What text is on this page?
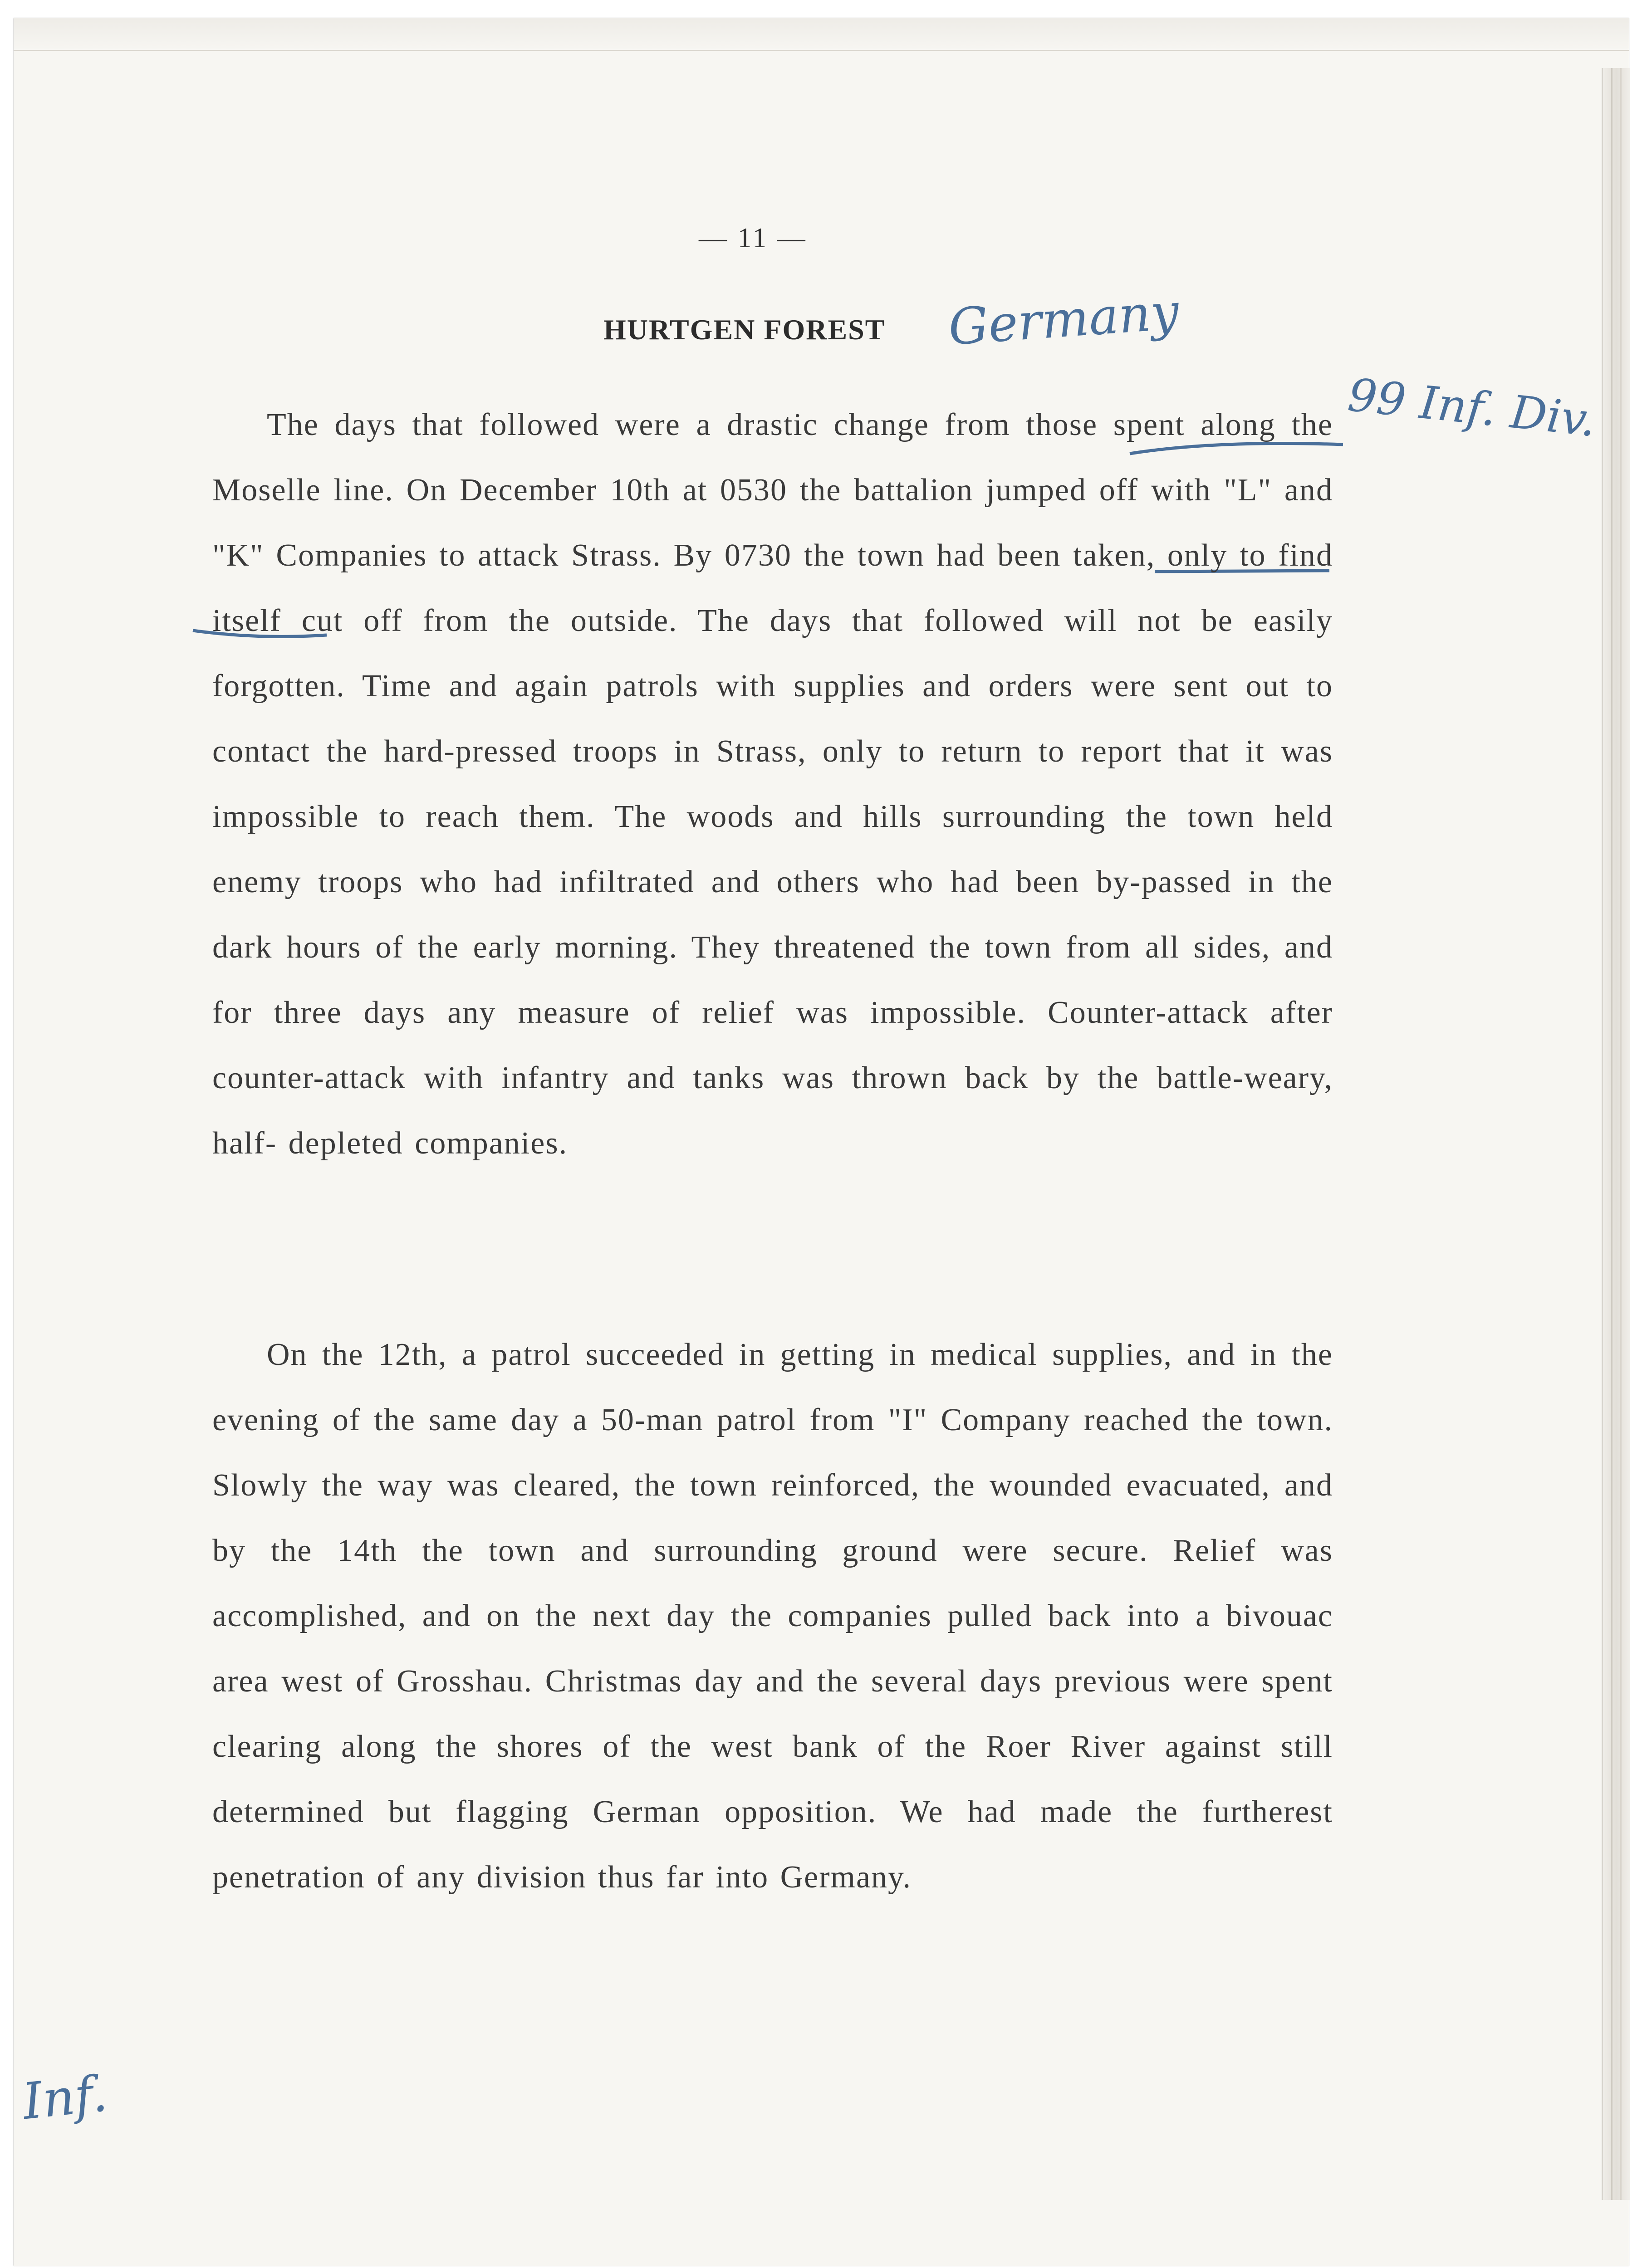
— 11 —
HURTGEN FOREST Germany
99 Inf. Div.
Inf.
The days that followed were a drastic change from those spent along the Moselle line. On December 10th at 0530 the battalion jumped off with "L" and "K" Companies to attack Strass. By 0730 the town had been taken, only to find itself cut off from the outside. The days that followed will not be easily forgotten. Time and again patrols with supplies and orders were sent out to contact the hard-pressed troops in Strass, only to return to report that it was impossible to reach them. The woods and hills surrounding the town held enemy troops who had infiltrated and others who had been by-passed in the dark hours of the early morning. They threatened the town from all sides, and for three days any measure of relief was impossible. Counter-attack after counter-attack with infantry and tanks was thrown back by the battle-weary, half- depleted companies.
On the 12th, a patrol succeeded in getting in medical supplies, and in the evening of the same day a 50-man patrol from "I" Company reached the town. Slowly the way was cleared, the town reinforced, the wounded evacuated, and by the 14th the town and surrounding ground were secure. Relief was accomplished, and on the next day the companies pulled back into a bivouac area west of Grosshau. Christmas day and the several days previous were spent clearing along the shores of the west bank of the Roer River against still determined but flagging German opposition. We had made the furtherest penetration of any division thus far into Germany.
